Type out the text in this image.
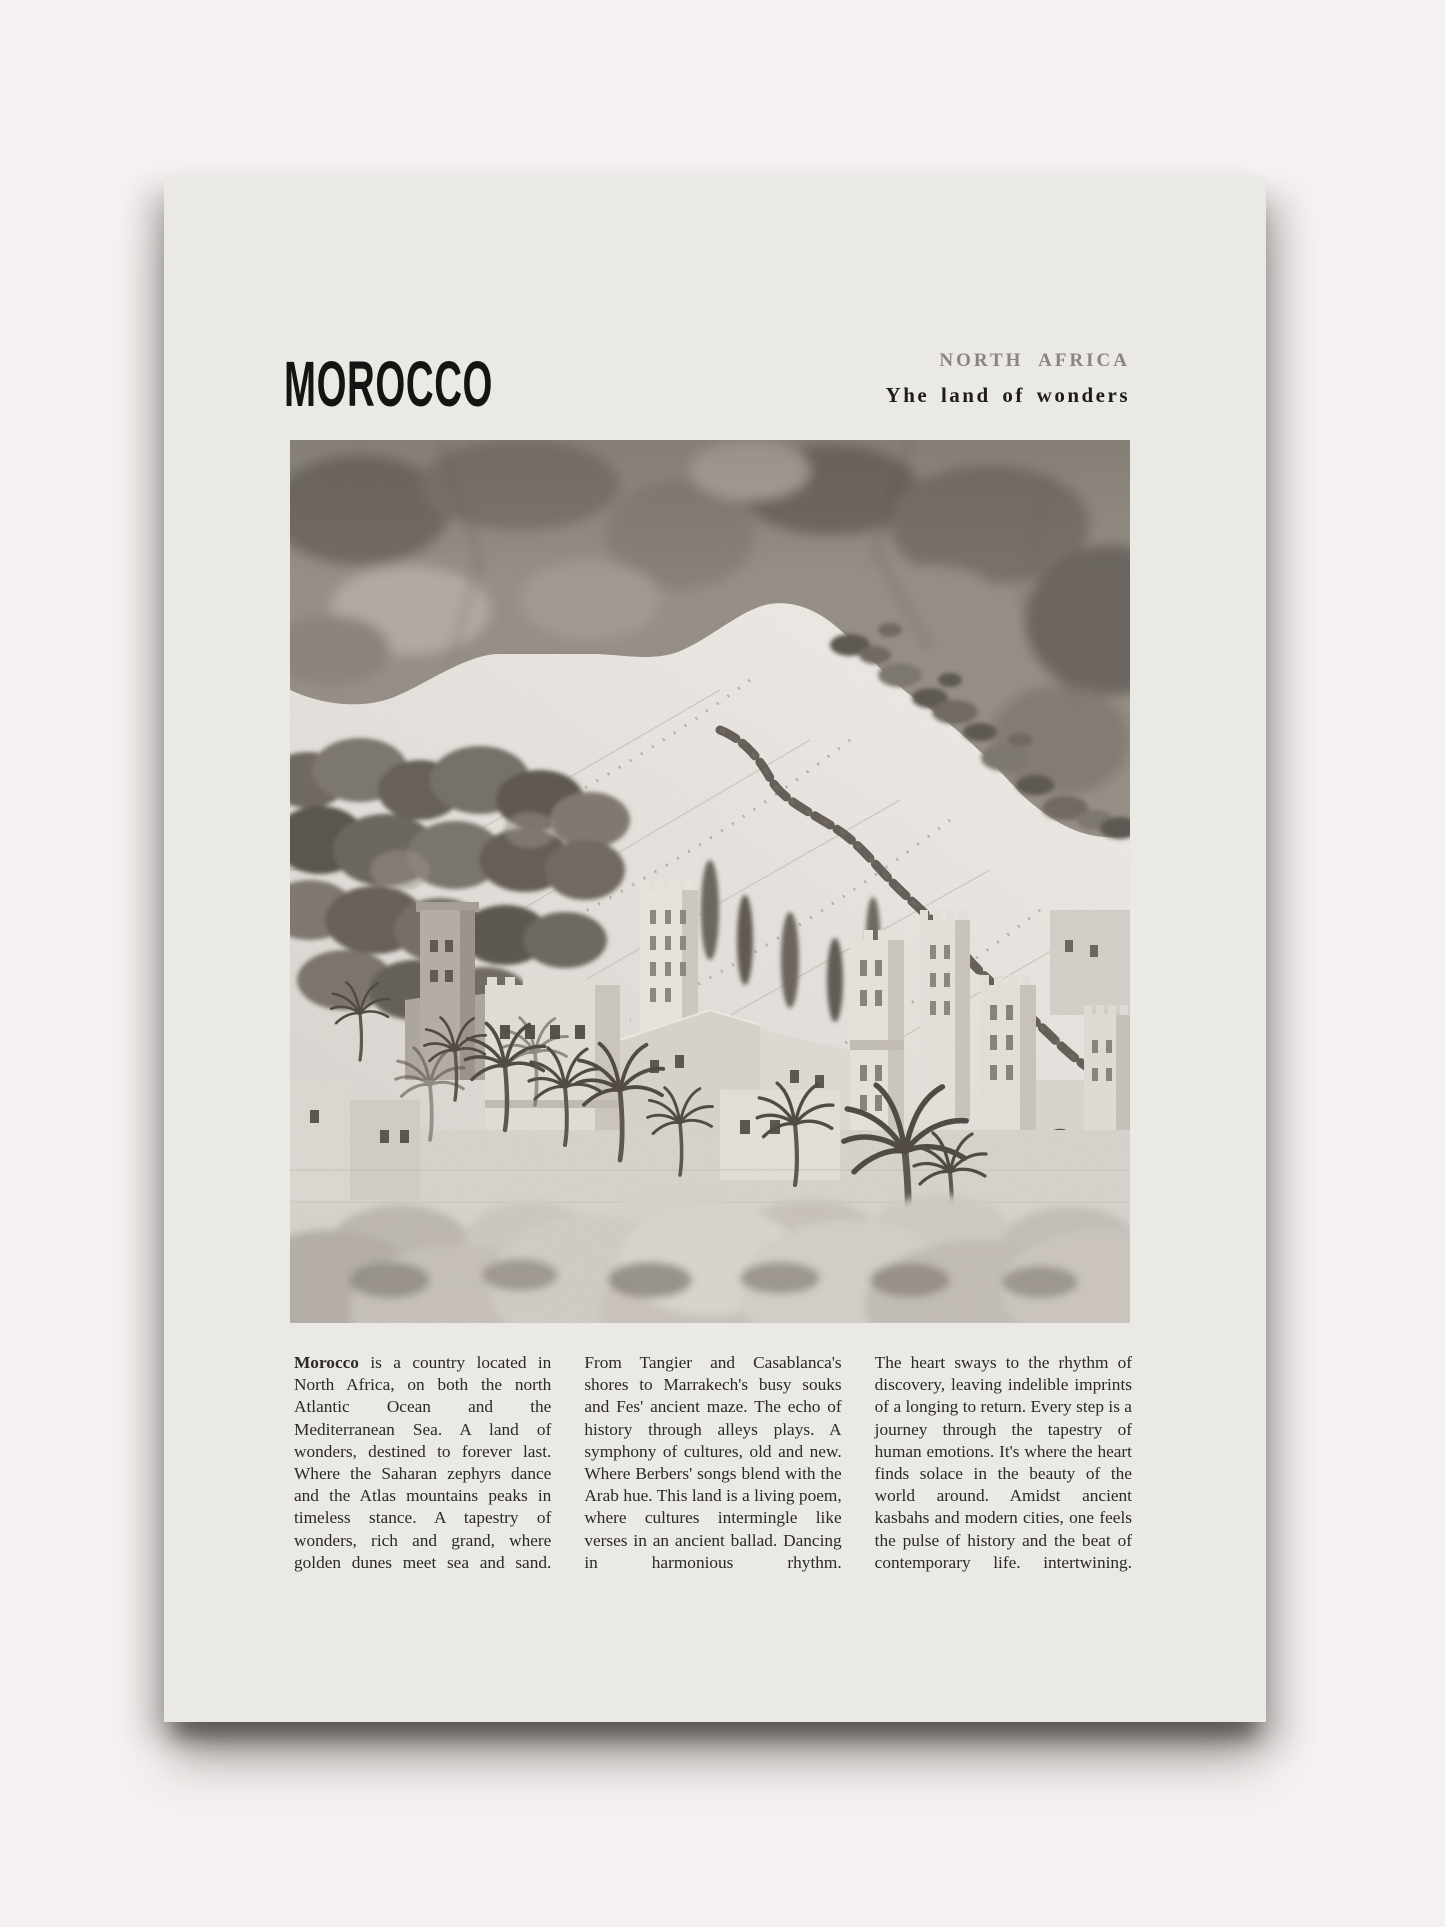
MOROCCO	NORTH AFRICA
Yhe land of wonders

Morocco is a country located in North Africa, on both the north Atlantic Ocean and the Mediterranean Sea. A land of wonders, destined to forever last. Where the Saharan zephyrs dance and the Atlas mountains peaks in timeless stance. A tapestry of wonders, rich and grand, where golden dunes meet sea and sand.

From Tangier and Casablanca's shores to Marrakech's busy souks and Fes' ancient maze. The echo of history through alleys plays. A symphony of cultures, old and new. Where Berbers' songs blend with the Arab hue. This land is a living poem, where cultures intermingle like verses in an ancient ballad. Dancing in harmonious rhythm.

The heart sways to the rhythm of discovery, leaving indelible imprints of a longing to return. Every step is a journey through the tapestry of human emotions. It's where the heart finds solace in the beauty of the world around. Amidst ancient kasbahs and modern cities, one feels the pulse of history and the beat of contemporary life. intertwining.
